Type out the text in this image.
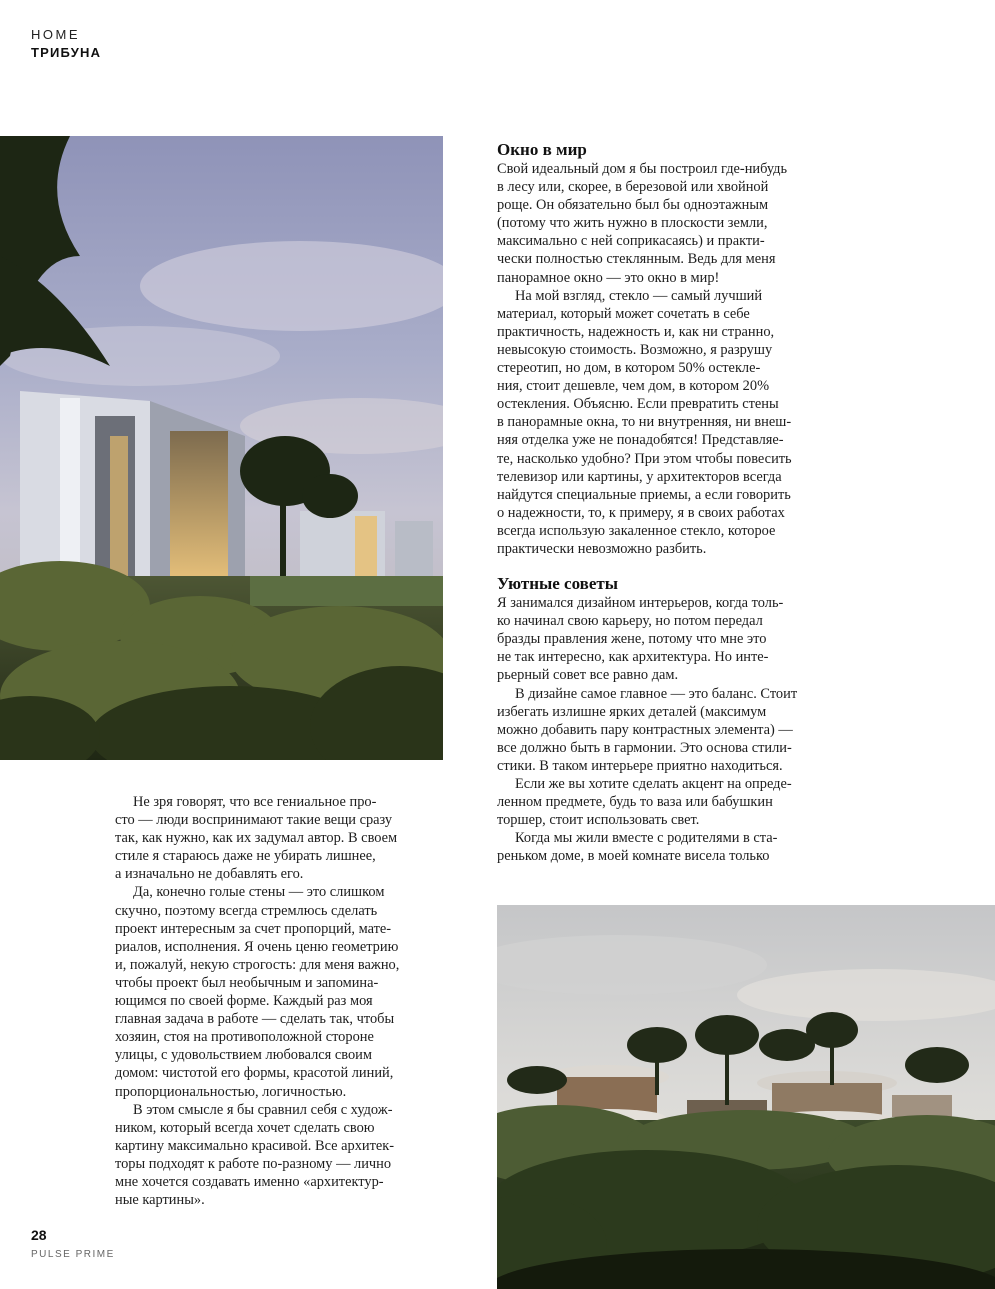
HOME
ТРИБУНА
Окно в мир

Свой идеальный дом я бы построил где-нибудь
в лесу или, скорее, в березовой или хвойной
роще. Он обязательно был бы одноэтажным
(потому что жить нужно в плоскости земли,
максимально с ней соприкасаясь) и практи-
чески полностью стеклянным. Ведь для меня
панорамное окно — это окно в мир!

На мой взгляд, стекло — самый лучший
материал, который может сочетать в себе
практичность, надежность и, как ни странно,
невысокую стоимость. Возможно, я разрушу
стереотип, но дом, в котором 50% остекле-
ния, стоит дешевле, чем дом, в котором 20%
остекления. Объясню. Если превратить стены
в панорамные окна, то ни внутренняя, ни внеш-
няя отделка уже не понадобятся! Представляе-
те, насколько удобно? При этом чтобы повесить
телевизор или картины, у архитекторов всегда
найдутся специальные приемы, а если говорить
о надежности, то, к примеру, я в своих работах
всегда использую закаленное стекло, которое
практически невозможно разбить.

Уютные советы

Я занимался дизайном интерьеров, когда толь-
ко начинал свою карьеру, но потом передал
бразды правления жене, потому что мне это
не так интересно, как архитектура. Но инте-
рьерный совет все равно дам.

В дизайне самое главное — это баланс. Стоит
избегать излишне ярких деталей (максимум
можно добавить пару контрастных элемента) —
все должно быть в гармонии. Это основа стили-
стики. В таком интерьере приятно находиться.

Если же вы хотите сделать акцент на опреде-
ленном предмете, будь то ваза или бабушкин
торшер, стоит использовать свет.

Когда мы жили вместе с родителями в ста-
реньком доме, в моей комнате висела только

Не зря говорят, что все гениальное про-
сто — люди воспринимают такие вещи сразу
так, как нужно, как их задумал автор. В своем
стиле я стараюсь даже не убирать лишнее,
а изначально не добавлять его.

Да, конечно голые стены — это слишком
скучно, поэтому всегда стремлюсь сделать
проект интересным за счет пропорций, мате-
риалов, исполнения. Я очень ценю геометрию
и, пожалуй, некую строгость: для меня важно,
чтобы проект был необычным и запомина-
ющимся по своей форме. Каждый раз моя
главная задача в работе — сделать так, чтобы
хозяин, стоя на противоположной стороне
улицы, с удовольствием любовался своим
домом: чистотой его формы, красотой линий,
пропорциональностью, логичностью.

В этом смысле я бы сравнил себя с худож-
ником, который всегда хочет сделать свою
картину максимально красивой. Все архитек-
торы подходят к работе по-разному — лично
мне хочется создавать именно «архитектур-
ные картины».

28
PULSE PRIME
